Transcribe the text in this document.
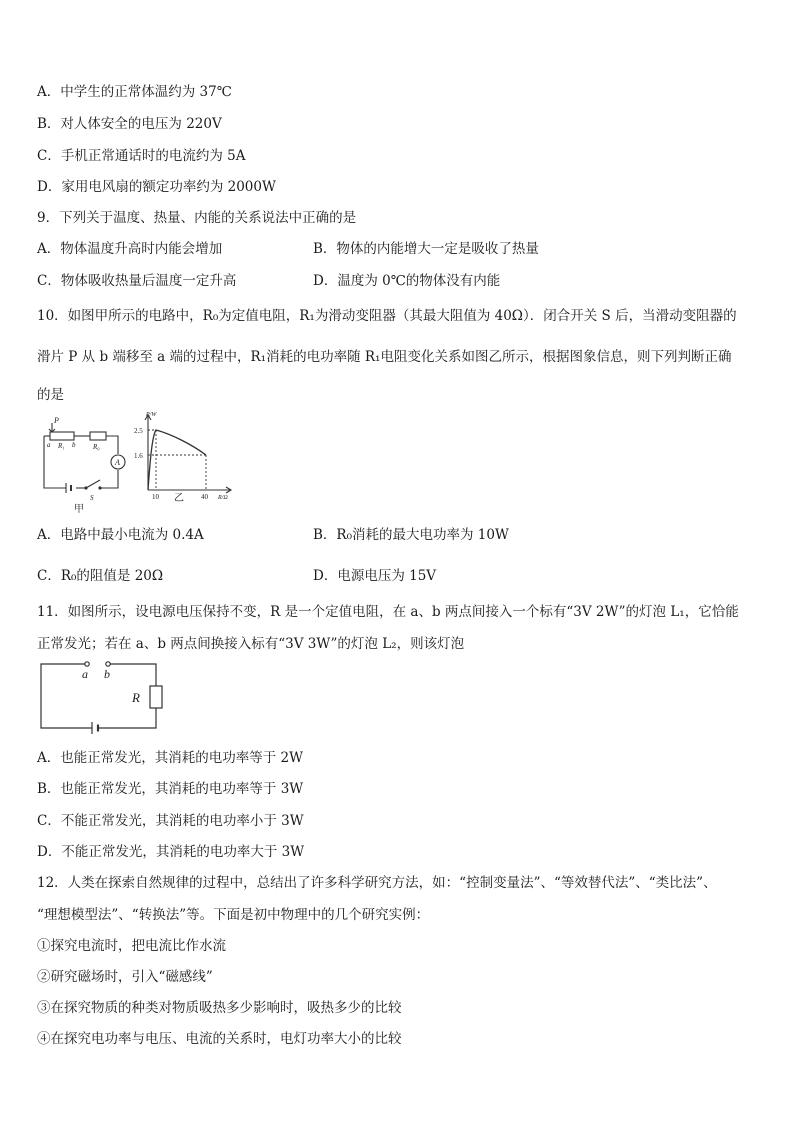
A．中学生的正常体温约为 37℃
B．对人体安全的电压为 220V
C．手机正常通话时的电流约为 5A
D．家用电风扇的额定功率约为 2000W
9．下列关于温度、热量、内能的关系说法中正确的是
A．物体温度升高时内能会增加	B．物体的内能增大一定是吸收了热量
C．物体吸收热量后温度一定升高	D．温度为 0℃的物体没有内能
10．如图甲所示的电路中，R₀为定值电阻，R₁为滑动变阻器（其最大阻值为 40Ω）．闭合开关 S 后，当滑动变阻器的
滑片 P 从 b 端移至 a 端的过程中，R₁消耗的电功率随 R₁电阻变化关系如图乙所示，根据图象信息，则下列判断正确
的是
P
a	b
R₁	R₀
A
S
甲
P/W
2.5
1.6
10	40 R/Ω
乙
A．电路中最小电流为 0.4A	B．R₀消耗的最大电功率为 10W
C．R₀的阻值是 20Ω	D．电源电压为 15V
11．如图所示，设电源电压保持不变，R 是一个定值电阻，在 a、b 两点间接入一个标有“3V 2W”的灯泡 L₁，它恰能
正常发光；若在 a、b 两点间换接入标有“3V 3W”的灯泡 L₂，则该灯泡
a b
R
A．也能正常发光，其消耗的电功率等于 2W
B．也能正常发光，其消耗的电功率等于 3W
C．不能正常发光，其消耗的电功率小于 3W
D．不能正常发光，其消耗的电功率大于 3W
12．人类在探索自然规律的过程中，总结出了许多科学研究方法，如：“控制变量法”、“等效替代法”、“类比法”、
“理想模型法”、“转换法”等。下面是初中物理中的几个研究实例：
①探究电流时，把电流比作水流
②研究磁场时，引入“磁感线”
③在探究物质的种类对物质吸热多少影响时，吸热多少的比较
④在探究电功率与电压、电流的关系时，电灯功率大小的比较
